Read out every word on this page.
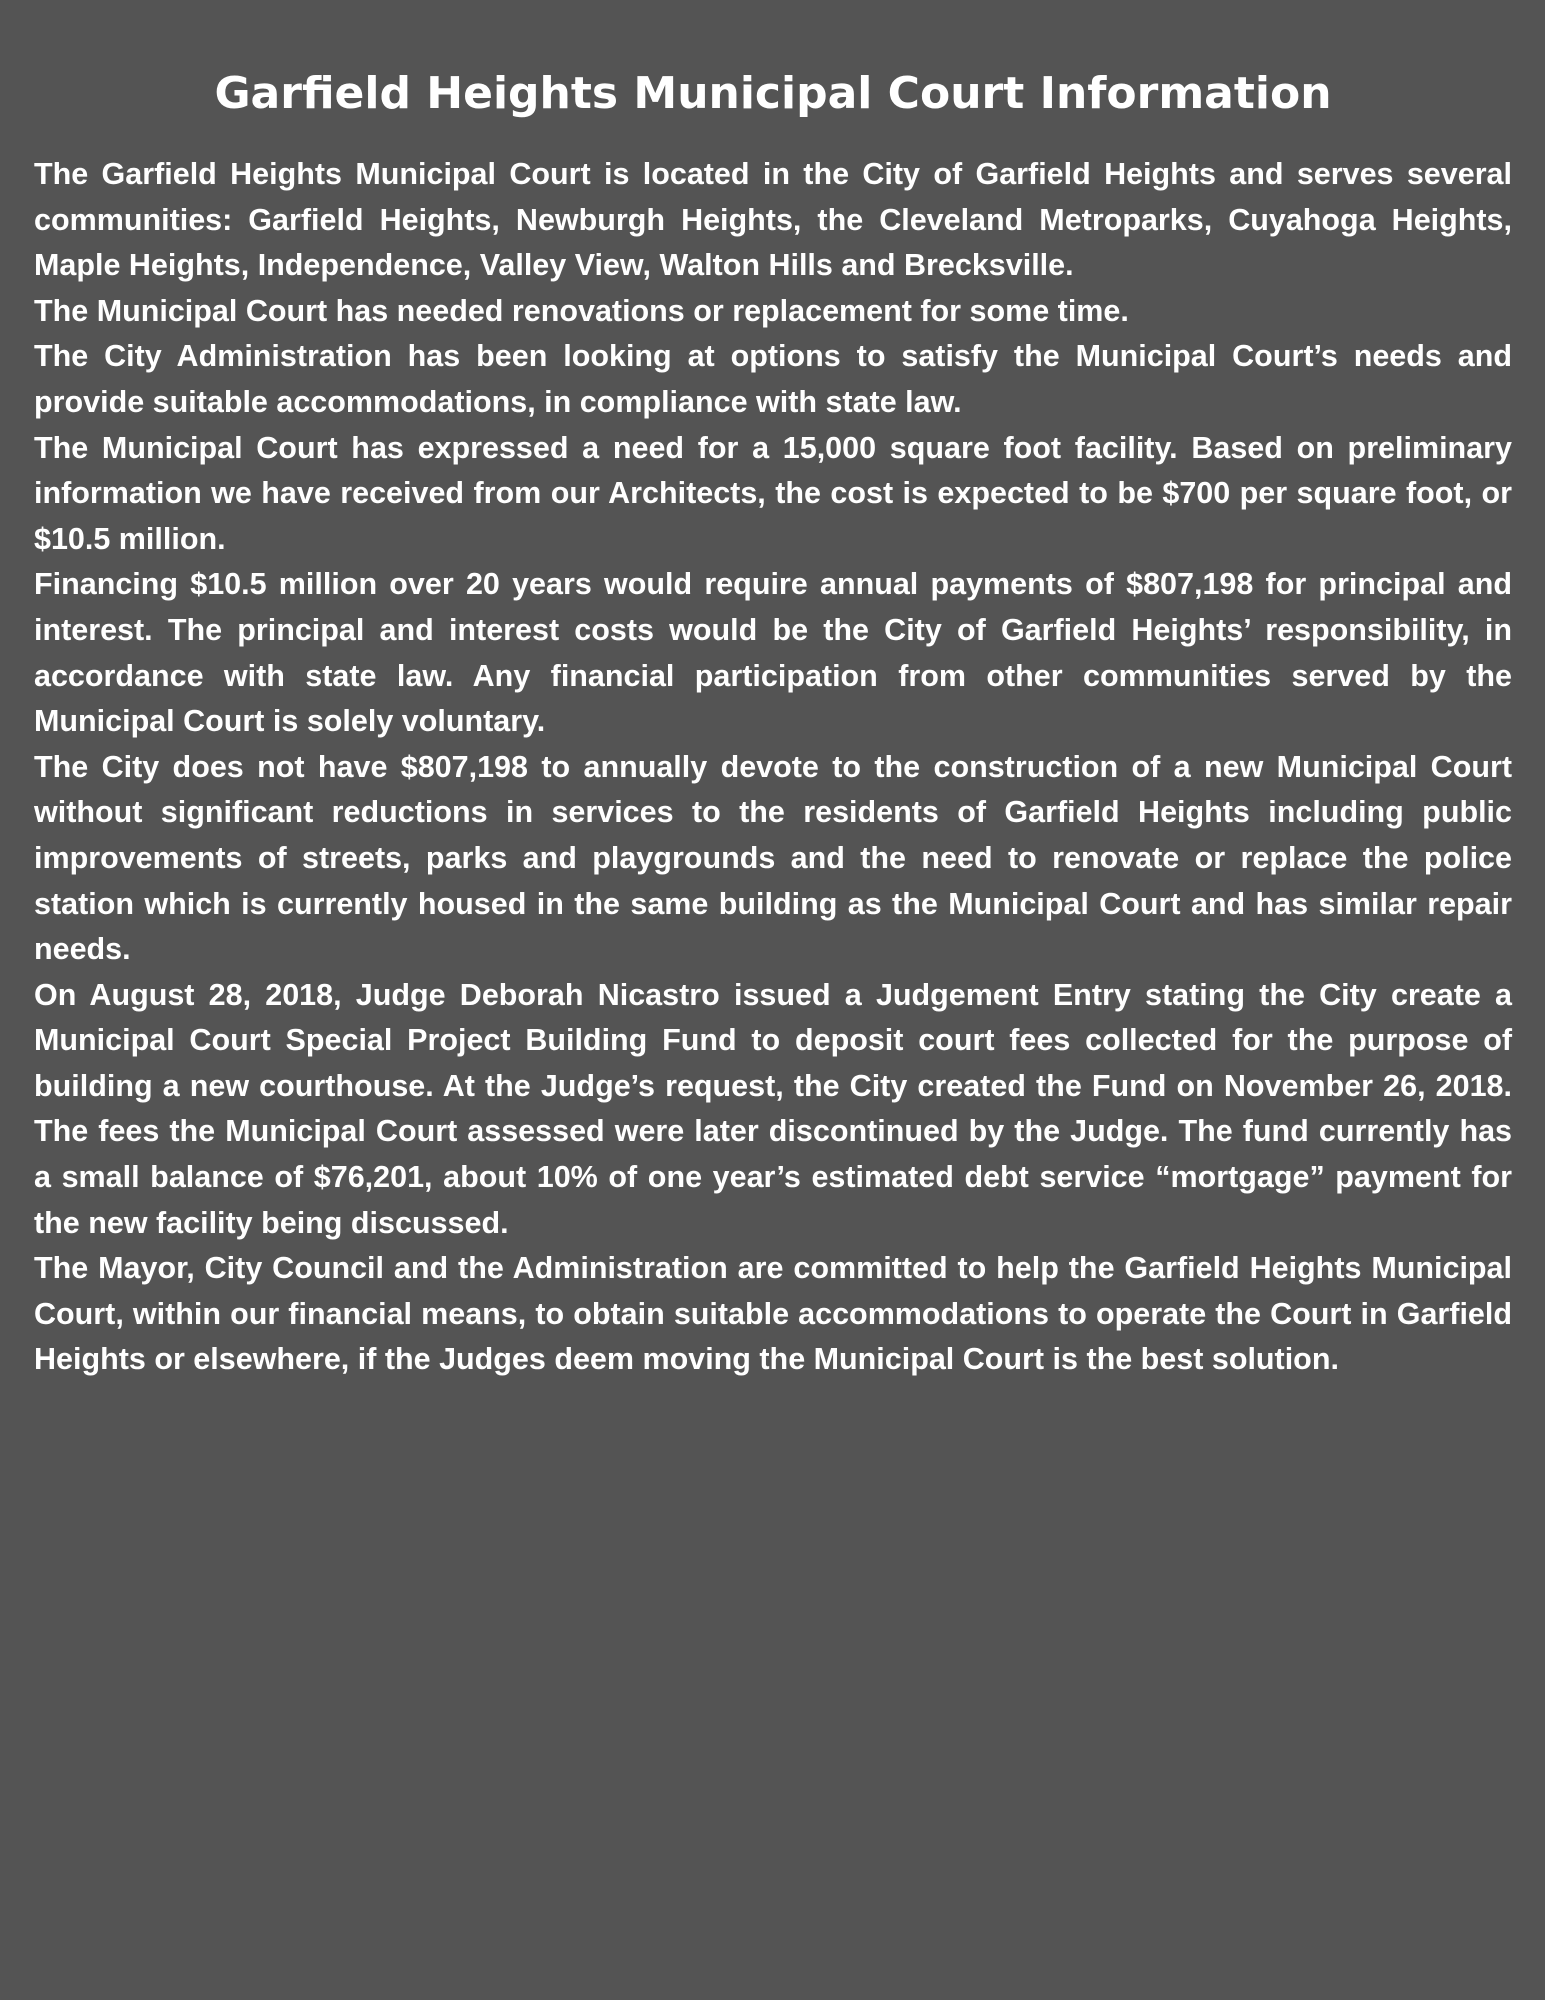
Garfield Heights Municipal Court Information

The Garfield Heights Municipal Court is located in the City of Garfield Heights and serves several communities: Garfield Heights, Newburgh Heights, the Cleveland Metroparks, Cuyahoga Heights, Maple Heights, Independence, Valley View, Walton Hills and Brecksville.

The Municipal Court has needed renovations or replacement for some time.

The City Administration has been looking at options to satisfy the Municipal Court’s needs and provide suitable accommodations, in compliance with state law.

The Municipal Court has expressed a need for a 15,000 square foot facility. Based on preliminary information we have received from our Architects, the cost is expected to be $700 per square foot, or $10.5 million.

Financing $10.5 million over 20 years would require annual payments of $807,198 for principal and interest. The principal and interest costs would be the City of Garfield Heights’ responsibility, in accordance with state law. Any financial participation from other communities served by the Municipal Court is solely voluntary.

The City does not have $807,198 to annually devote to the construction of a new Municipal Court without significant reductions in services to the residents of Garfield Heights including public improvements of streets, parks and playgrounds and the need to renovate or replace the police station which is currently housed in the same building as the Municipal Court and has similar repair needs.

On August 28, 2018, Judge Deborah Nicastro issued a Judgement Entry stating the City create a Municipal Court Special Project Building Fund to deposit court fees collected for the purpose of building a new courthouse. At the Judge’s request, the City created the Fund on November 26, 2018. The fees the Municipal Court assessed were later discontinued by the Judge. The fund currently has a small balance of $76,201, about 10% of one year’s estimated debt service “mortgage” payment for the new facility being discussed.

The Mayor, City Council and the Administration are committed to help the Garfield Heights Municipal Court, within our financial means, to obtain suitable accommodations to operate the Court in Garfield Heights or elsewhere, if the Judges deem moving the Municipal Court is the best solution.
